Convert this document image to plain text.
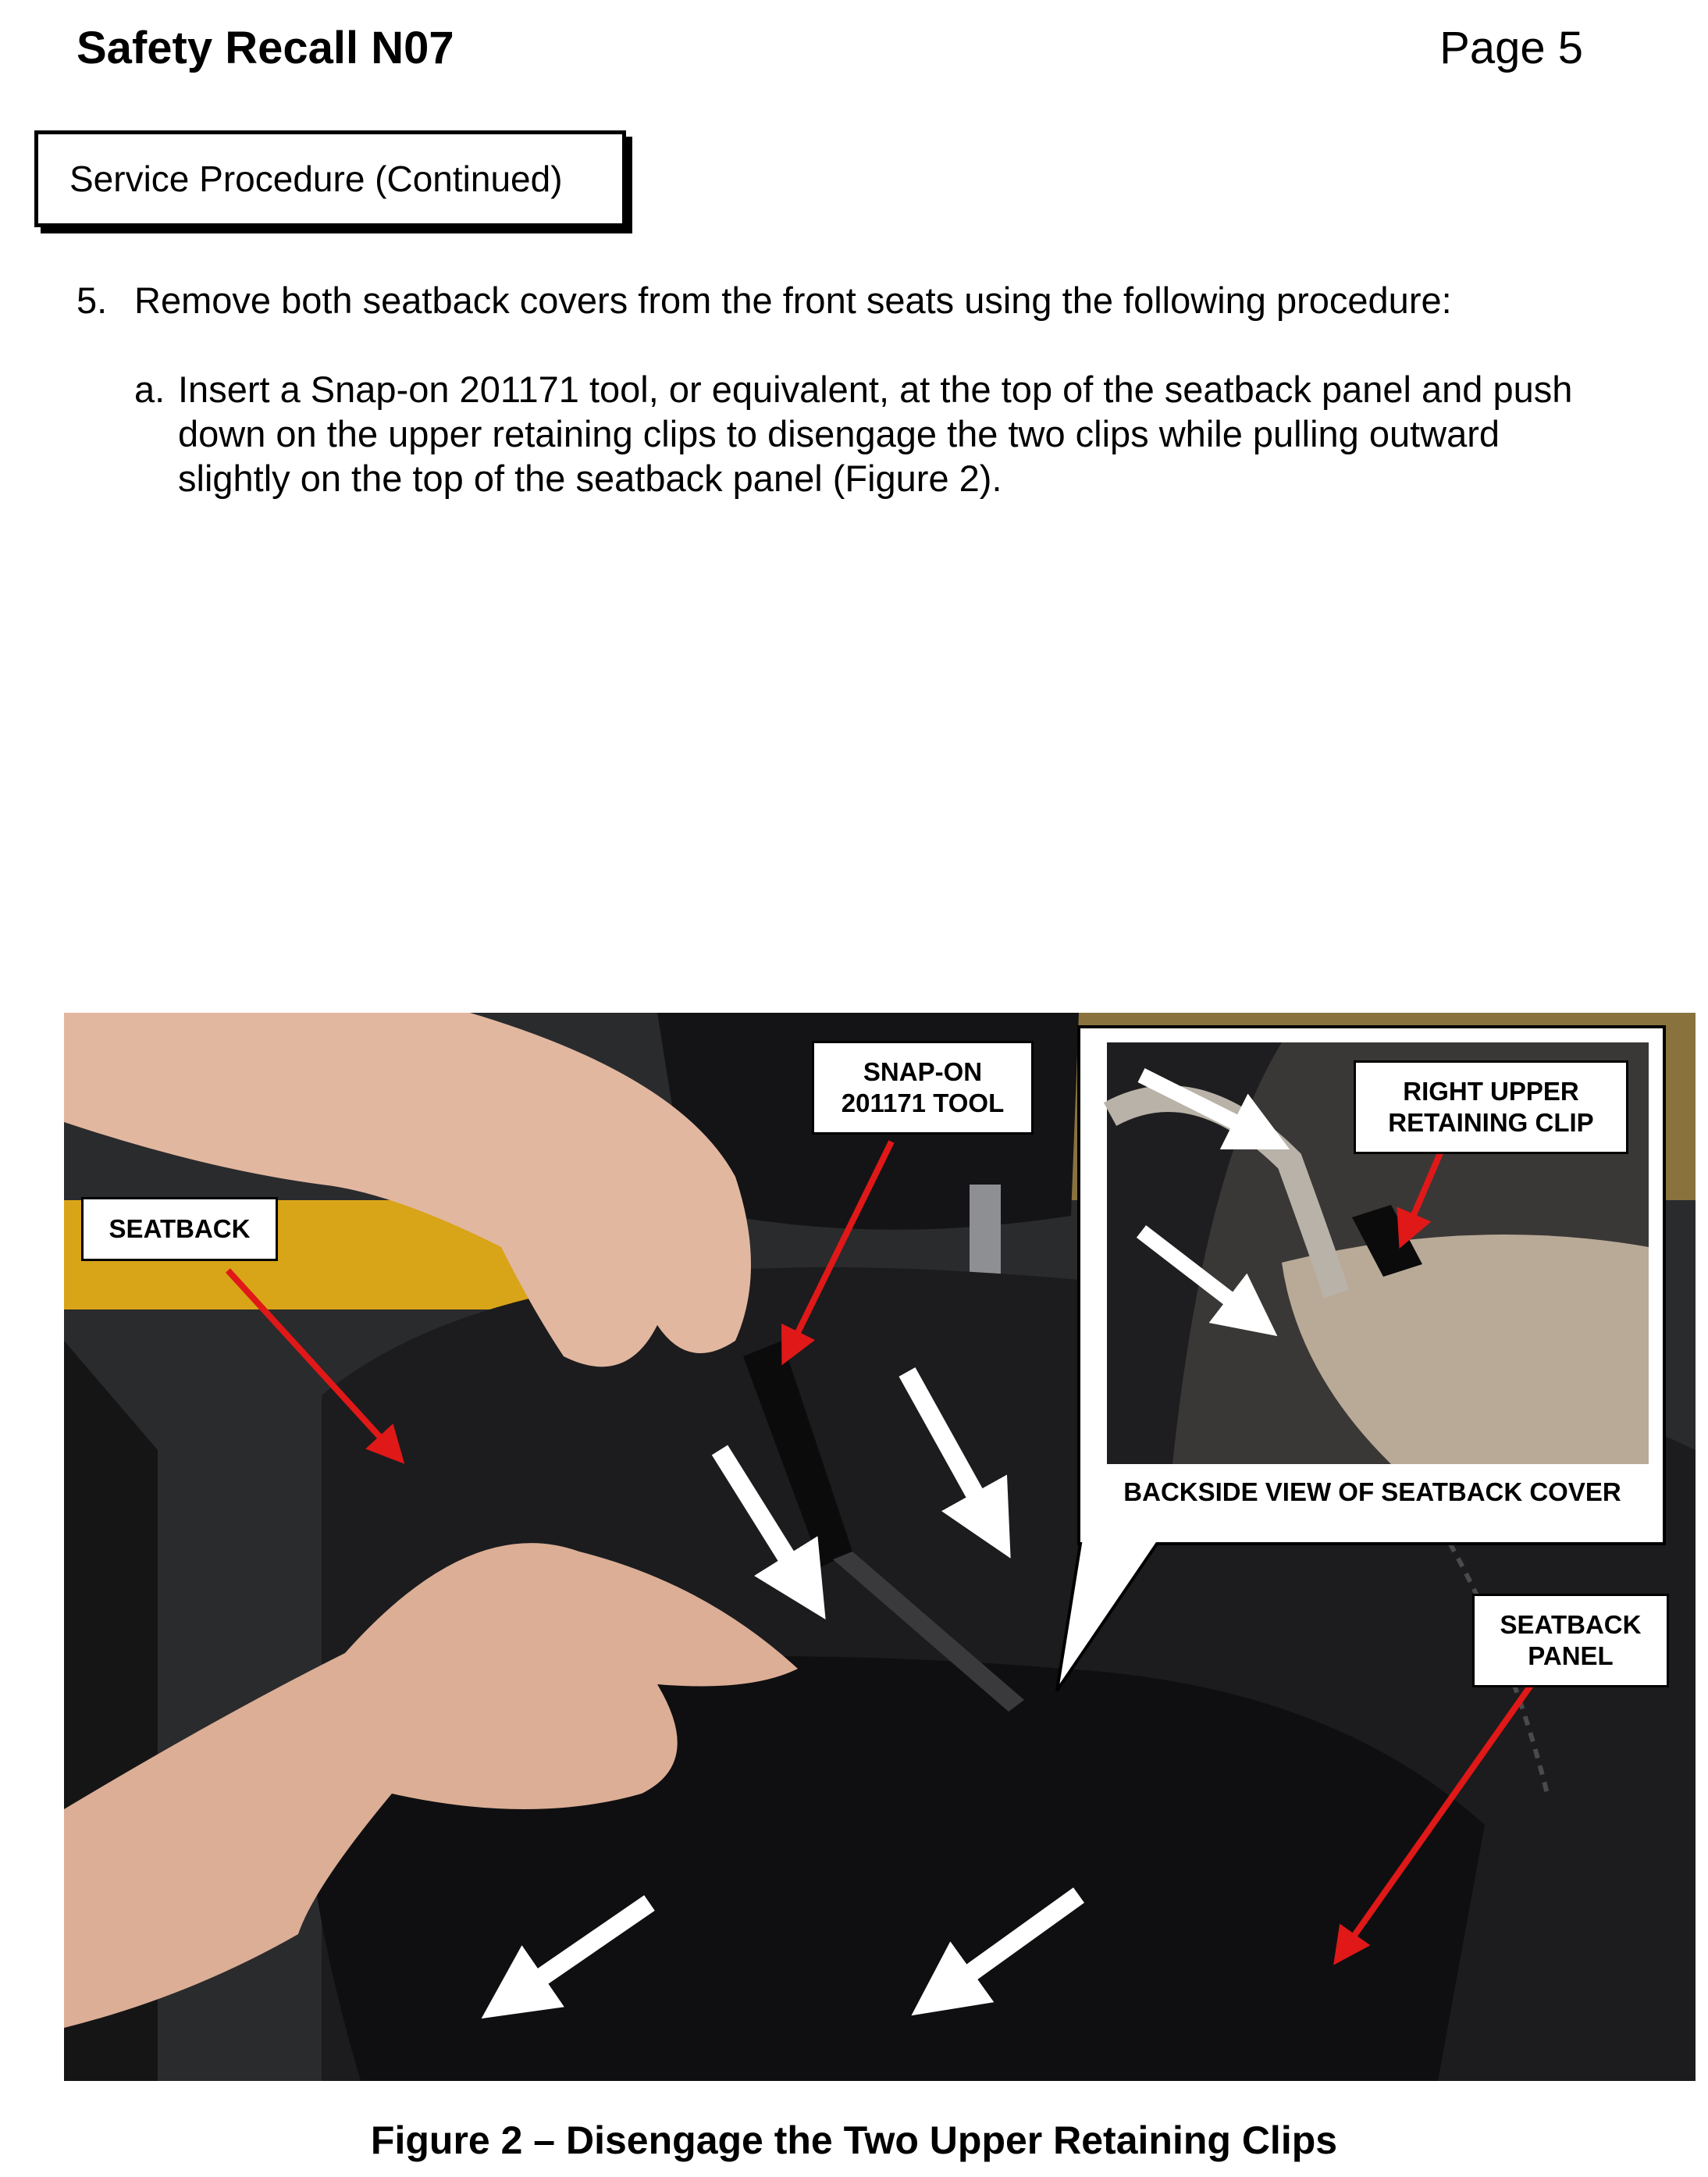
Safety Recall N07	Page 5
Service Procedure (Continued)
5. Remove both seatback covers from the front seats using the following procedure:
a. Insert a Snap-on 201171 tool, or equivalent, at the top of the seatback panel and push
down on the upper retaining clips to disengage the two clips while pulling outward
slightly on the top of the seatback panel (Figure 2).
SEATBACK
SNAP-ON
201171 TOOL	RIGHT UPPER
RETAINING CLIP
SEATBACK
PANEL
BACKSIDE VIEW OF SEATBACK COVER
Figure 2 – Disengage the Two Upper Retaining Clips
